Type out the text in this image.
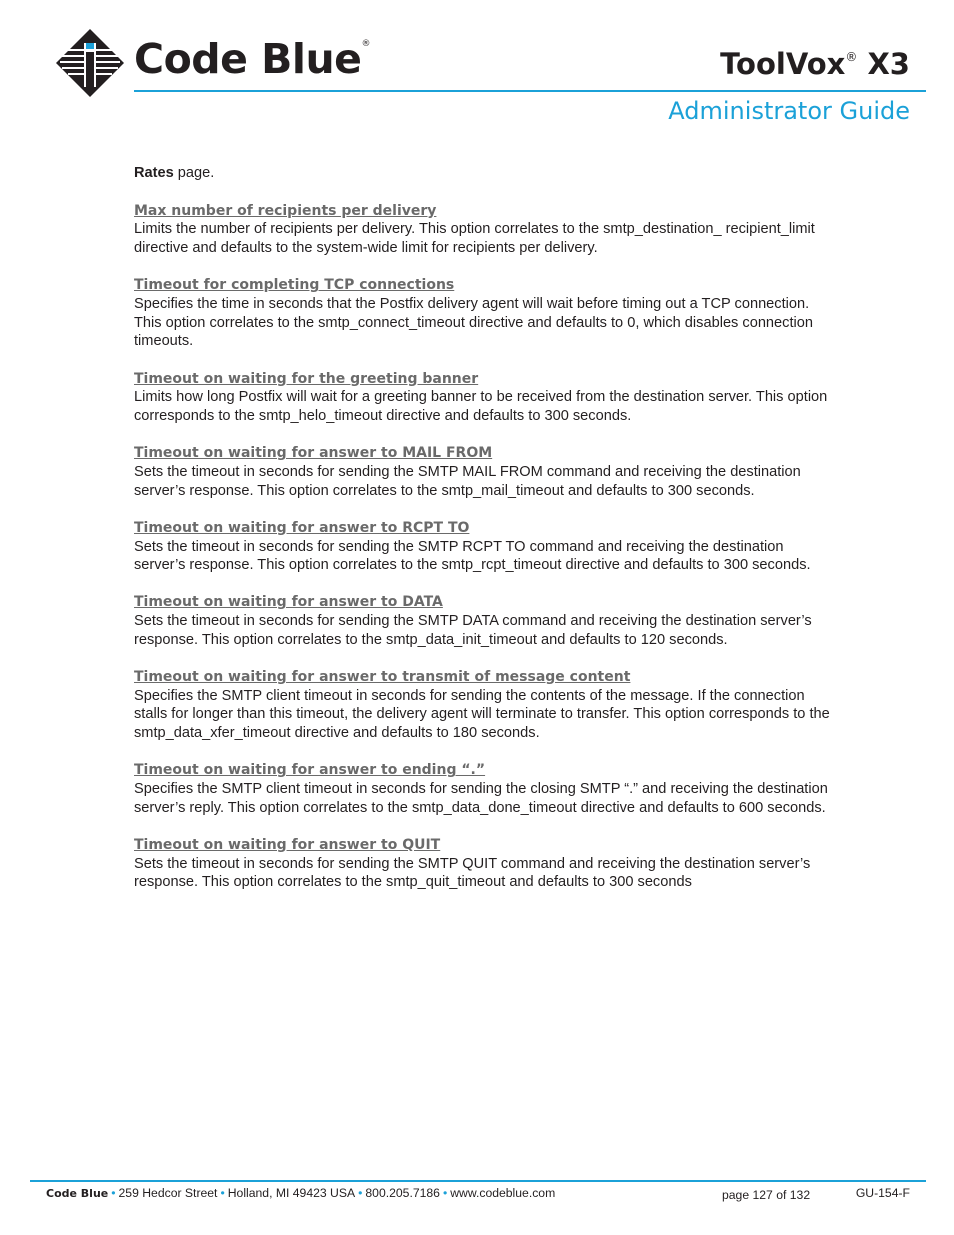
Code Blue®
ToolVox® X3
Administrator Guide

Rates page.

Max number of recipients per delivery

Limits the number of recipients per delivery. This option correlates to the smtp_destination_ recipient_limit directive and defaults to the system-wide limit for recipients per delivery.

Timeout for completing TCP connections

Specifies the time in seconds that the Postfix delivery agent will wait before timing out a TCP connection. This option correlates to the smtp_connect_timeout directive and defaults to 0, which disables connection timeouts.

Timeout on waiting for the greeting banner

Limits how long Postfix will wait for a greeting banner to be received from the destination server. This option corresponds to the smtp_helo_timeout directive and defaults to 300 seconds.

Timeout on waiting for answer to MAIL FROM

Sets the timeout in seconds for sending the SMTP MAIL FROM command and receiving the destination server’s response. This option correlates to the smtp_mail_timeout and defaults to 300 seconds.

Timeout on waiting for answer to RCPT TO

Sets the timeout in seconds for sending the SMTP RCPT TO command and receiving the destination server’s response. This option correlates to the smtp_rcpt_timeout directive and defaults to 300 seconds.

Timeout on waiting for answer to DATA

Sets the timeout in seconds for sending the SMTP DATA command and receiving the destination server’s response. This option correlates to the smtp_data_init_timeout and defaults to 120 seconds.

Timeout on waiting for answer to transmit of message content

Specifies the SMTP client timeout in seconds for sending the contents of the message. If the connection stalls for longer than this timeout, the delivery agent will terminate to transfer. This option corresponds to the smtp_data_xfer_timeout directive and defaults to 180 seconds.

Timeout on waiting for answer to ending “.”

Specifies the SMTP client timeout in seconds for sending the closing SMTP “.” and receiving the destination server’s reply. This option correlates to the smtp_data_done_timeout directive and defaults to 600 seconds.

Timeout on waiting for answer to QUIT

Sets the timeout in seconds for sending the SMTP QUIT command and receiving the destination server’s response. This option correlates to the smtp_quit_timeout and defaults to 300 seconds

Code Blue • 259 Hedcor Street • Holland, MI 49423 USA • 800.205.7186 • www.codeblue.com	page 127 of 132	GU-154-F
